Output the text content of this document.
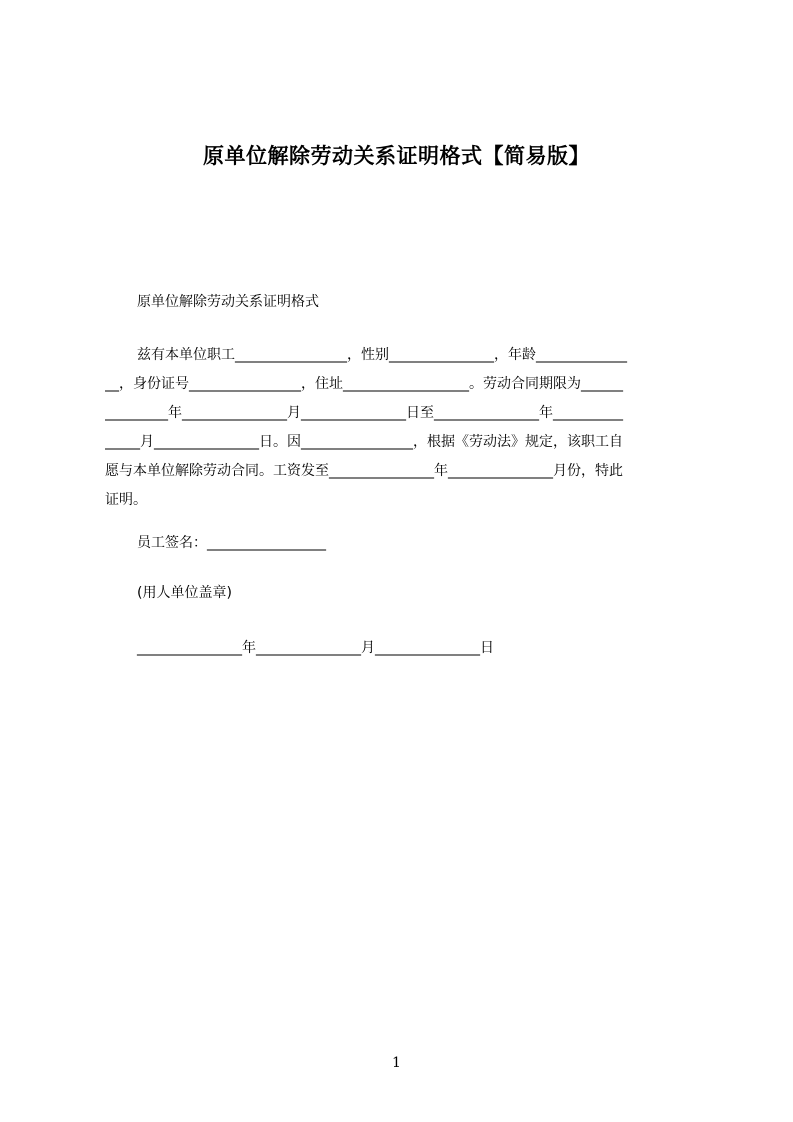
原单位解除劳动关系证明格式【简易版】
原单位解除劳动关系证明格式
兹有本单位职工________________，性别_______________，年龄_____________
__，身份证号________________，住址__________________。劳动合同期限为______
_________年_______________月_______________日至_______________年__________
_____月_______________日。因________________，根据《劳动法》规定，该职工自
愿与本单位解除劳动合同。工资发至_______________年_______________月份，特此
证明。
员工签名：_________________
(用人单位盖章)
_______________年_______________月_______________日
1
